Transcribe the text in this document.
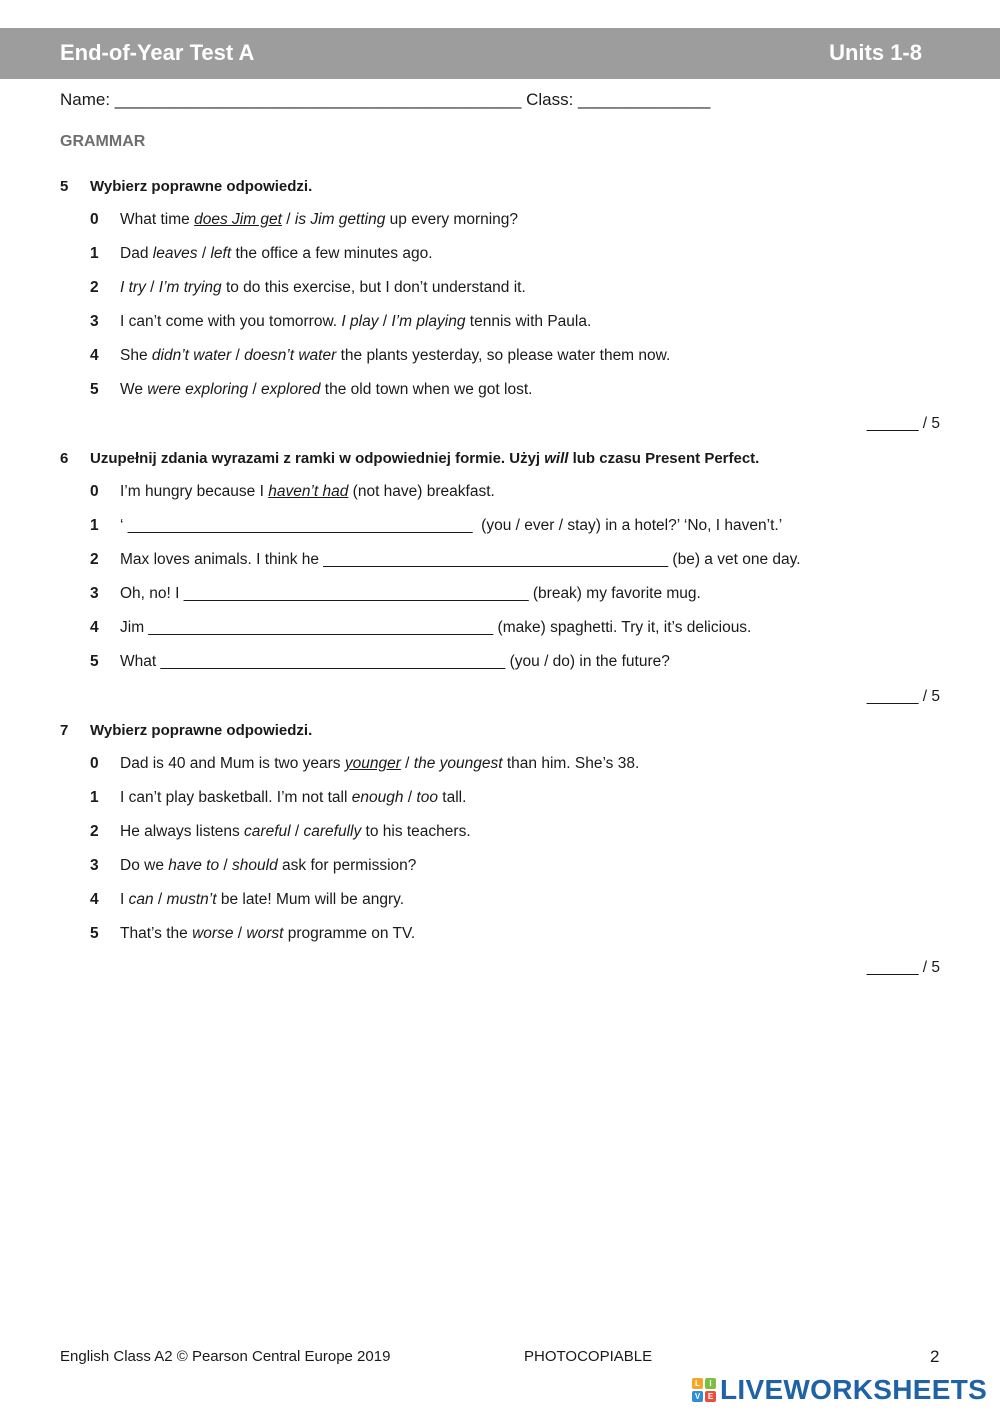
End-of-Year Test A	Units 1-8
Name: ___________________________________________ Class: ______________
GRAMMAR
5 Wybierz poprawne odpowiedzi.
0 What time does Jim get / is Jim getting up every morning?
1 Dad leaves / left the office a few minutes ago.
2 I try / I’m trying to do this exercise, but I don’t understand it.
3 I can’t come with you tomorrow. I play / I’m playing tennis with Paula.
4 She didn’t water / doesn’t water the plants yesterday, so please water them now.
5 We were exploring / explored the old town when we got lost.
______ / 5
6 Uzupełnij zdania wyrazami z ramki w odpowiedniej formie. Użyj will lub czasu Present Perfect.
0 I’m hungry because I haven’t had (not have) breakfast.
1 ‘ ________________________________________  (you / ever / stay) in a hotel?’ ‘No, I haven’t.’
2 Max loves animals. I think he ________________________________________ (be) a vet one day.
3 Oh, no! I ________________________________________ (break) my favorite mug.
4 Jim ________________________________________ (make) spaghetti. Try it, it’s delicious.
5 What ________________________________________ (you / do) in the future?
______ / 5
7 Wybierz poprawne odpowiedzi.
0 Dad is 40 and Mum is two years younger / the youngest than him. She’s 38.
1 I can’t play basketball. I’m not tall enough / too tall.
2 He always listens careful / carefully to his teachers.
3 Do we have to / should ask for permission?
4 I can / mustn’t be late! Mum will be angry.
5 That’s the worse / worst programme on TV.
______ / 5
English Class A2 © Pearson Central Europe 2019	PHOTOCOPIABLE	2
L	I
V E LIVEWORKSHEETS
